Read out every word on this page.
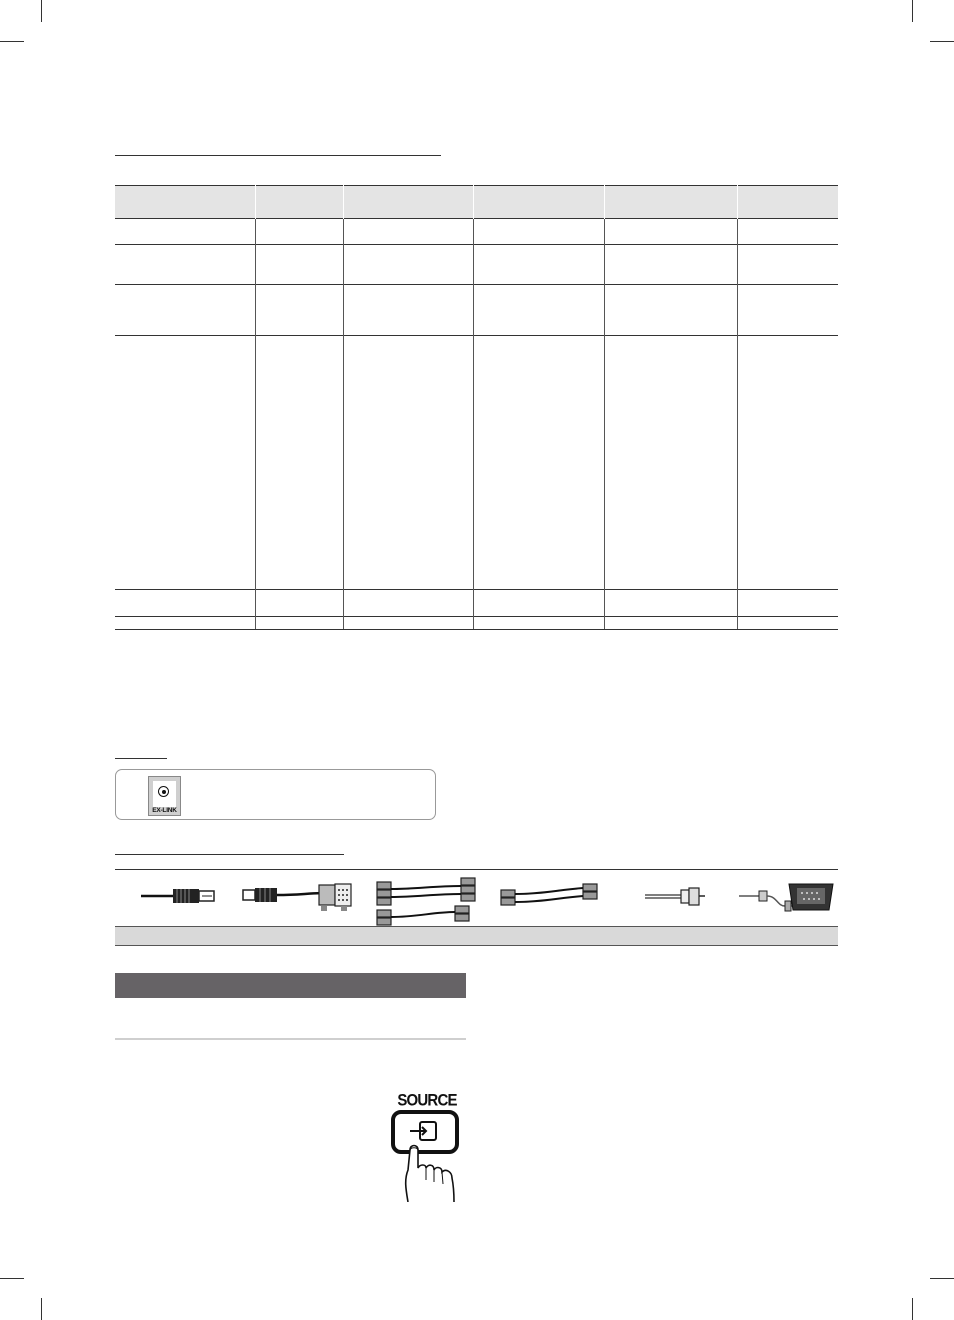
EX-LINK
SOURCE
